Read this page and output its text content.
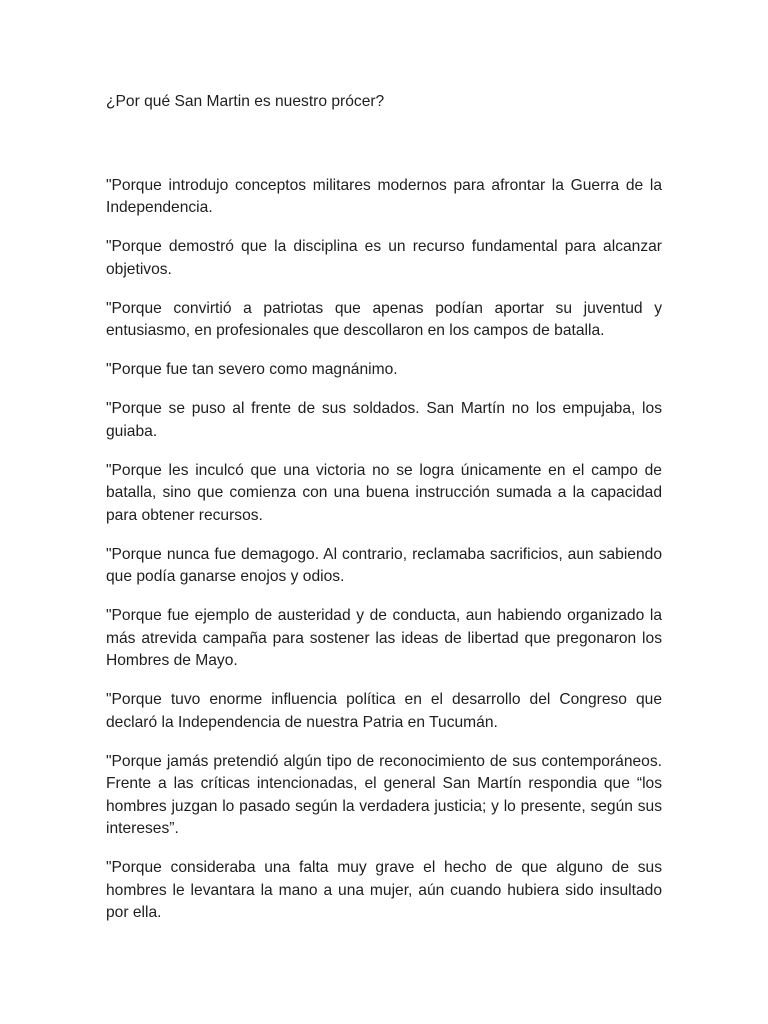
¿Por qué San Martin es nuestro prócer?

"Porque introdujo conceptos militares modernos para afrontar la Guerra de la Independencia.

"Porque demostró que la disciplina es un recurso fundamental para alcanzar objetivos.

"Porque convirtió a patriotas que apenas podían aportar su juventud y entusiasmo, en profesionales que descollaron en los campos de batalla.

"Porque fue tan severo como magnánimo.

"Porque se puso al frente de sus soldados. San Martín no los empujaba, los guiaba.

"Porque les inculcó que una victoria no se logra únicamente en el campo de batalla, sino que comienza con una buena instrucción sumada a la capacidad para obtener recursos.

"Porque nunca fue demagogo. Al contrario, reclamaba sacrificios, aun sabiendo que podía ganarse enojos y odios.

"Porque fue ejemplo de austeridad y de conducta, aun habiendo organizado la más atrevida campaña para sostener las ideas de libertad que pregonaron los Hombres de Mayo.

"Porque tuvo enorme influencia política en el desarrollo del Congreso que declaró la Independencia de nuestra Patria en Tucumán.

"Porque jamás pretendió algún tipo de reconocimiento de sus contemporáneos. Frente a las críticas intencionadas, el general San Martín respondia que “los hombres juzgan lo pasado según la verdadera justicia; y lo presente, según sus intereses”.

"Porque consideraba una falta muy grave el hecho de que alguno de sus hombres le levantara la mano a una mujer, aún cuando hubiera sido insultado por ella.
